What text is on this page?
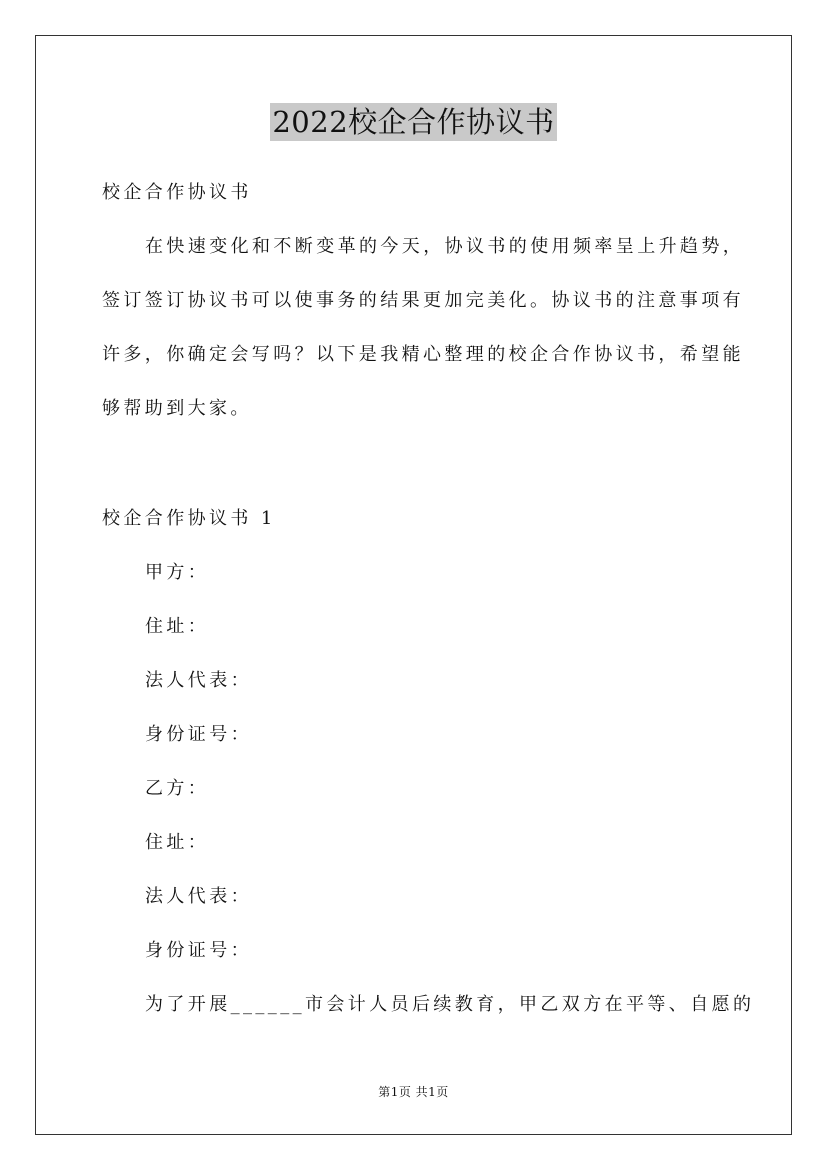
2022校企合作协议书
校企合作协议书
在快速变化和不断变革的今天，协议书的使用频率呈上升趋势，
签订签订协议书可以使事务的结果更加完美化。协议书的注意事项有
许多，你确定会写吗？以下是我精心整理的校企合作协议书，希望能
够帮助到大家。
校企合作协议书 1
甲方：
住址：
法人代表：
身份证号：
乙方：
住址：
法人代表：
身份证号：
为了开展______市会计人员后续教育，甲乙双方在平等、自愿的
第1页 共1页
